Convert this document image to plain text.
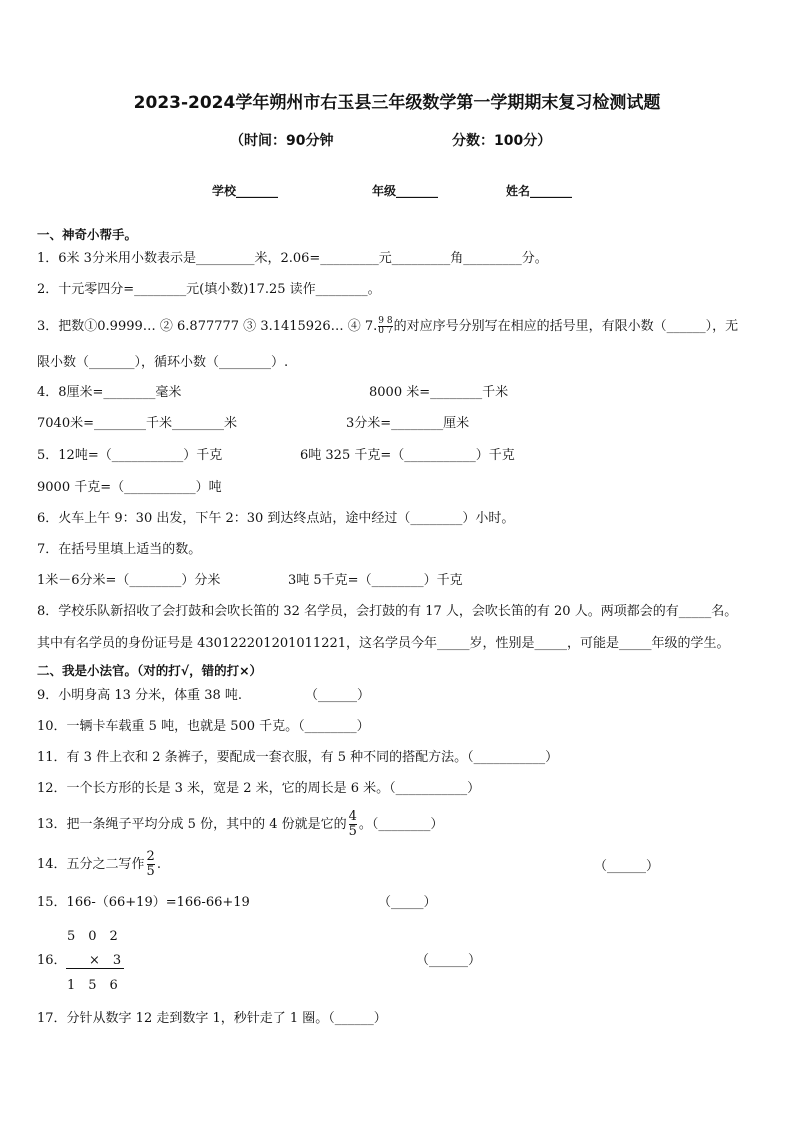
2023-2024学年朔州市右玉县三年级数学第一学期期末复习检测试题
（时间：90分钟	分数：100分）
学校_______	年级_______	姓名_______
一、神奇小帮手。
1．6米 3分米用小数表示是_________米，2.06=_________元_________角_________分。
2．十元零四分=________元(填小数)17.25 读作________。
3．把数①0.9999… ② 6.877777 ③ 3.1415926… ④ $7.\frac{9 8}{0 7}$的对应序号分别写在相应的括号里，有限小数（______），无
限小数（_______），循环小数（________）.
4．8厘米=________毫米	8000 米=________千米
7040米=________千米________米	3分米=________厘米
5．12吨=（___________）千克	6吨 325 千克=（___________）千克
9000 千克=（___________）吨
6．火车上午 9：30 出发，下午 2：30 到达终点站，途中经过（________）小时。
7．在括号里填上适当的数。
1米－6分米=（________）分米	3吨 5千克=（________）千克
8．学校乐队新招收了会打鼓和会吹长笛的 32 名学员，会打鼓的有 17 人，会吹长笛的有 20 人。两项都会的有_____名。
其中有名学员的身份证号是 430122201201011221，这名学员今年_____岁，性别是_____，可能是_____年级的学生。
二、我是小法官。（对的打√，错的打×）
9．小明身高 13 分米，体重 38 吨.	（______）
10．一辆卡车载重 5 吨，也就是 500 千克。（________）
11．有 3 件上衣和 2 条裤子，要配成一套衣服，有 5 种不同的搭配方法。（___________）
12．一个长方形的长是 3 米，宽是 2 米，它的周长是 6 米。（___________）
13．把一条绳子平均分成 5 份，其中的 4 份就是它的 $\frac{4}{5}$ 。（________）
14．五分之二写作 $\frac{2}{5}$ .	（______）
15．166-（66+19）=166-66+19	（_____）
5　0　2
16． ×　3
1　5　6
（______）
17．分针从数字 12 走到数字 1，秒针走了 1 圈。（______）
